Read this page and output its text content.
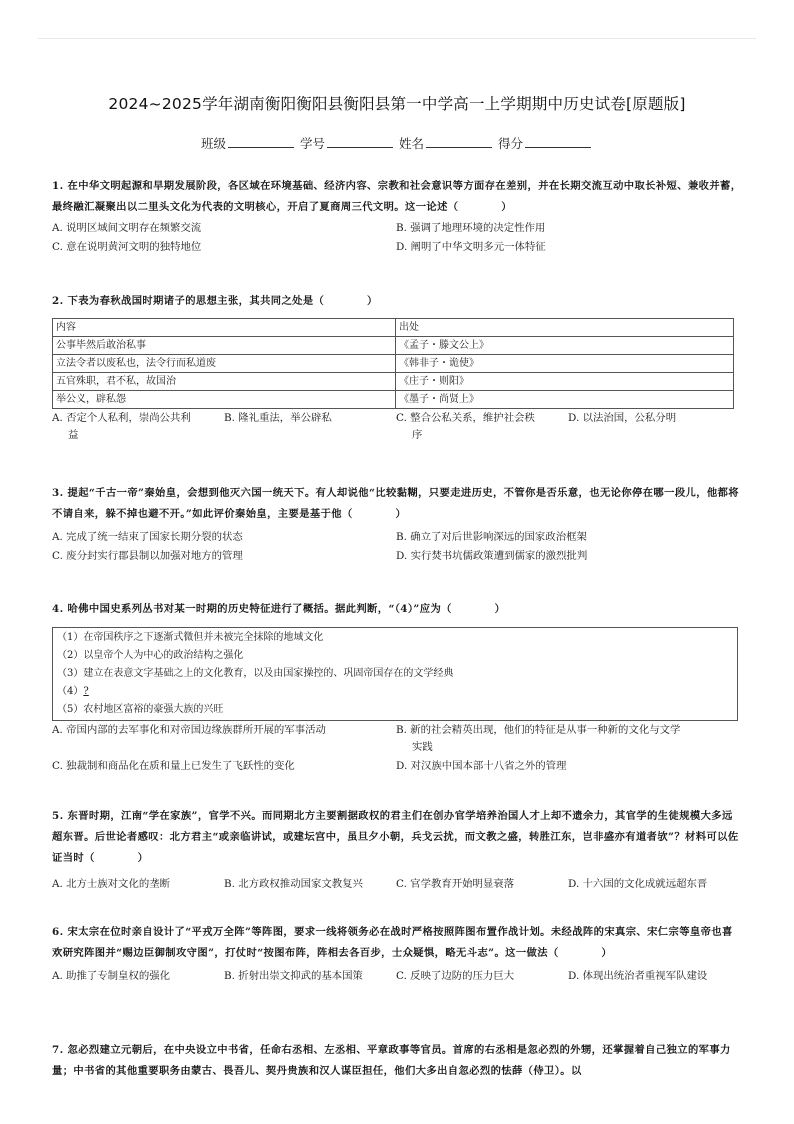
2024~2025学年湖南衡阳衡阳县衡阳县第一中学高一上学期期中历史试卷[原题版]
班级	学号	姓名	得分
1. 在中华文明起源和早期发展阶段，各区域在环境基础、经济内容、宗教和社会意识等方面存在差别，并在长期交流互动中取长补短、兼收并蓄，最终融汇凝聚出以二里头文化为代表的文明核心，开启了夏商周三代文明。这一论述（　　　　）
A. 说明区域间文明存在频繁交流	B. 强调了地理环境的决定性作用
C. 意在说明黄河文明的独特地位	D. 阐明了中华文明多元一体特征
2. 下表为春秋战国时期诸子的思想主张，其共同之处是（　　　　）
内容	出处
公事毕然后敢治私事	《孟子・滕文公上》
立法令者以废私也，法令行而私道废	《韩非子・诡使》
五官殊职，君不私，故国治	《庄子・则阳》
举公义，辟私怨	《墨子・尚贤上》
A. 否定个人私利，崇尚公共利
益
B. 隆礼重法，举公辟私	C. 整合公私关系，维护社会秩
序
D. 以法治国，公私分明
3. 提起“千古一帝”秦始皇，会想到他灭六国一统天下。有人却说他“比较黏糊，只要走进历史，不管你是否乐意，也无论你停在哪一段儿，他都将不请自来，躲不掉也避不开。”如此评价秦始皇，主要是基于他（　　　　）
A. 完成了统一结束了国家长期分裂的状态	B. 确立了对后世影响深远的国家政治框架
C. 废分封实行郡县制以加强对地方的管理	D. 实行焚书坑儒政策遭到儒家的激烈批判
4. 哈佛中国史系列丛书对某一时期的历史特征进行了概括。据此判断，“（4）”应为（　　　　）
（1）在帝国秩序之下逐渐式微但并未被完全抹除的地域文化
（2）以皇帝个人为中心的政治结构之强化
（3）建立在表意文字基础之上的文化教育，以及由国家操控的、巩固帝国存在的文学经典
（4）?
（5）农村地区富裕的豪强大族的兴旺
A. 帝国内部的去军事化和对帝国边缘族群所开展的军事活动	B. 新的社会精英出现，他们的特征是从事一种新的文化与文学
实践
C. 独裁制和商品化在质和量上已发生了飞跃性的变化	D. 对汉族中国本部十八省之外的管理
5. 东晋时期，江南“学在家族”，官学不兴。而同期北方主要割据政权的君主们在创办官学培养治国人才上却不遗余力，其官学的生徒规模大多远超东晋。后世论者感叹：北方君主“或亲临讲试，或建坛宫中，虽旦夕小朝，兵戈云扰，而文教之盛，转胜江东，岂非盛亦有道者欤”？材料可以佐证当时（　　　　）
A. 北方士族对文化的垄断	B. 北方政权推动国家文教复兴	C. 官学教育开始明显衰落	D. 十六国的文化成就远超东晋
6. 宋太宗在位时亲自设计了“平戎万全阵”等阵图，要求一线将领务必在战时严格按照阵图布置作战计划。未经战阵的宋真宗、宋仁宗等皇帝也喜欢研究阵图并“赐边臣御制攻守图”，打仗时“按图布阵，阵相去各百步，士众疑惧，略无斗志”。这一做法（　　　　）
A. 助推了专制皇权的强化	B. 折射出崇文抑武的基本国策	C. 反映了边防的压力巨大	D. 体现出统治者重视军队建设
7. 忽必烈建立元朝后，在中央设立中书省，任命右丞相、左丞相、平章政事等官员。首席的右丞相是忽必烈的外甥，还掌握着自己独立的军事力量；中书省的其他重要职务由蒙古、畏吾儿、契丹贵族和汉人谋臣担任，他们大多出自忽必烈的怯薛（侍卫）。以
